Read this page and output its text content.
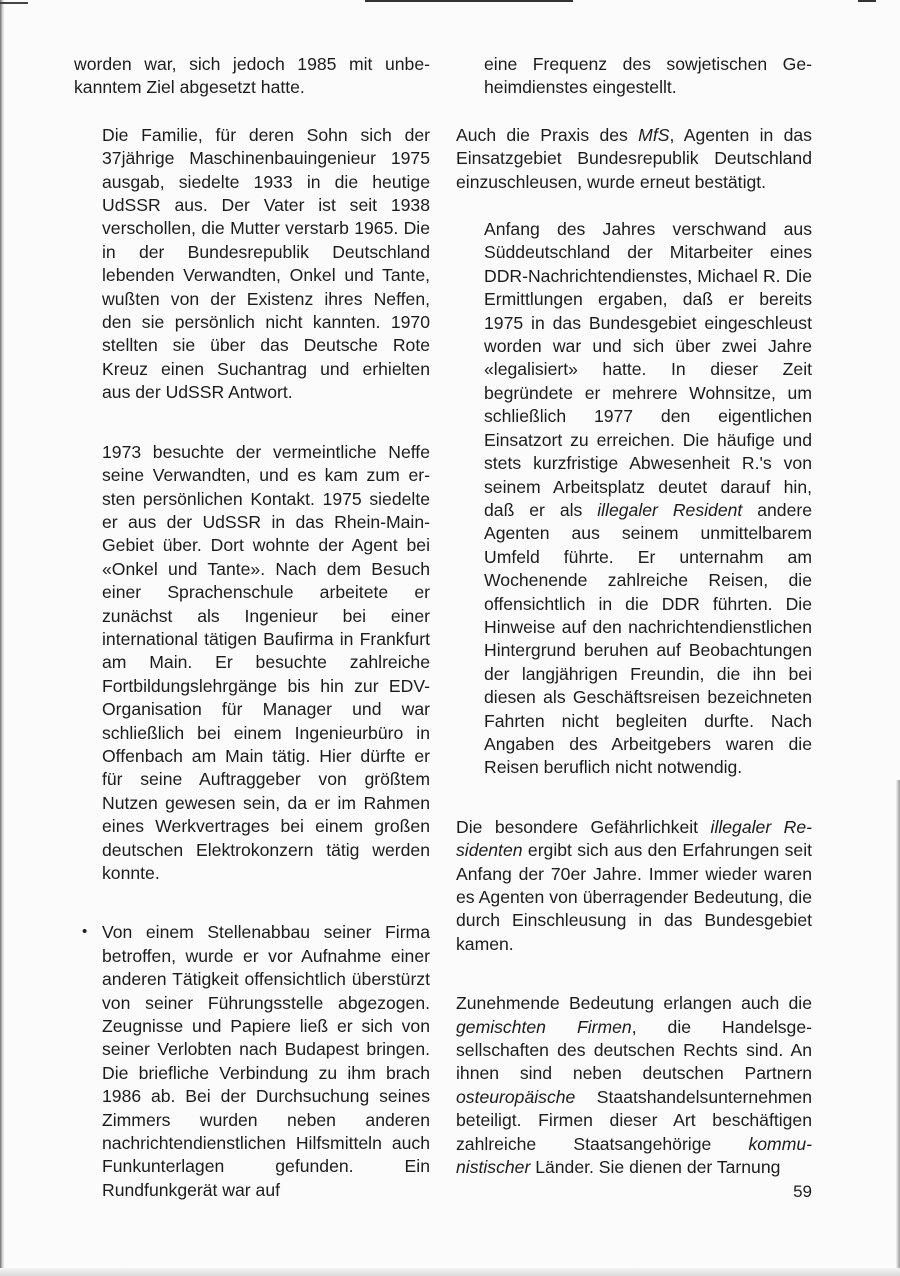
worden war, sich jedoch 1985 mit unbekanntem Ziel abgesetzt hatte.

Die Familie, für deren Sohn sich der 37jährige Maschinenbauingenieur 1975 ausgab, siedelte 1933 in die heutige UdSSR aus. Der Vater ist seit 1938 verschollen, die Mutter verstarb 1965. Die in der Bundesrepublik Deutschland lebenden Verwandten, Onkel und Tante, wußten von der Existenz ihres Neffen, den sie persönlich nicht kannten. 1970 stellten sie über das Deutsche Rote Kreuz einen Suchantrag und erhielten aus der UdSSR Antwort.

1973 besuchte der vermeintliche Neffe seine Verwandten, und es kam zum ersten persönlichen Kontakt. 1975 siedelte er aus der UdSSR in das Rhein-Main-Gebiet über. Dort wohnte der Agent bei «Onkel und Tante». Nach dem Besuch einer Sprachenschule arbeitete er zunächst als Ingenieur bei einer international tätigen Baufirma in Frankfurt am Main. Er besuchte zahlreiche Fortbildungslehrgänge bis hin zur EDV-Organisation für Manager und war schließlich bei einem Ingenieurbüro in Offenbach am Main tätig. Hier dürfte er für seine Auftraggeber von größtem Nutzen gewesen sein, da er im Rahmen eines Werkvertrages bei einem großen deutschen Elektrokonzern tätig werden konnte.

• Von einem Stellenabbau seiner Firma betroffen, wurde er vor Aufnahme einer anderen Tätigkeit offensichtlich überstürzt von seiner Führungsstelle abgezogen. Zeugnisse und Papiere ließ er sich von seiner Verlobten nach Budapest bringen. Die briefliche Verbindung zu ihm brach 1986 ab. Bei der Durchsuchung seines Zimmers wurden neben anderen nachrichtendienstlichen Hilfsmitteln auch Funkunterlagen gefunden. Ein Rundfunkgerät war auf

eine Frequenz des sowjetischen Geheimdienstes eingestellt.

Auch die Praxis des MfS, Agenten in das Einsatzgebiet Bundesrepublik Deutschland einzuschleusen, wurde erneut bestätigt.

Anfang des Jahres verschwand aus Süddeutschland der Mitarbeiter eines DDR-Nachrichtendienstes, Michael R. Die Ermittlungen ergaben, daß er bereits 1975 in das Bundesgebiet eingeschleust worden war und sich über zwei Jahre «legalisiert» hatte. In dieser Zeit begründete er mehrere Wohnsitze, um schließlich 1977 den eigentlichen Einsatzort zu erreichen. Die häufige und stets kurzfristige Abwesenheit R.'s von seinem Arbeitsplatz deutet darauf hin, daß er als illegaler Resident andere Agenten aus seinem unmittelbarem Umfeld führte. Er unternahm am Wochenende zahlreiche Reisen, die offensichtlich in die DDR führten. Die Hinweise auf den nachrichtendienstlichen Hintergrund beruhen auf Beobachtungen der langjährigen Freundin, die ihn bei diesen als Geschäftsreisen bezeichneten Fahrten nicht begleiten durfte. Nach Angaben des Arbeitgebers waren die Reisen beruflich nicht notwendig.

Die besondere Gefährlichkeit illegaler Residenten ergibt sich aus den Erfahrungen seit Anfang der 70er Jahre. Immer wieder waren es Agenten von überragender Bedeutung, die durch Einschleusung in das Bundesgebiet kamen.

Zunehmende Bedeutung erlangen auch die gemischten Firmen, die Handelsgesellschaften des deutschen Rechts sind. An ihnen sind neben deutschen Partnern osteuropäische Staatshandelsunternehmen beteiligt. Firmen dieser Art beschäftigen zahlreiche Staatsangehörige kommunistischer Länder. Sie dienen der Tarnung

59
